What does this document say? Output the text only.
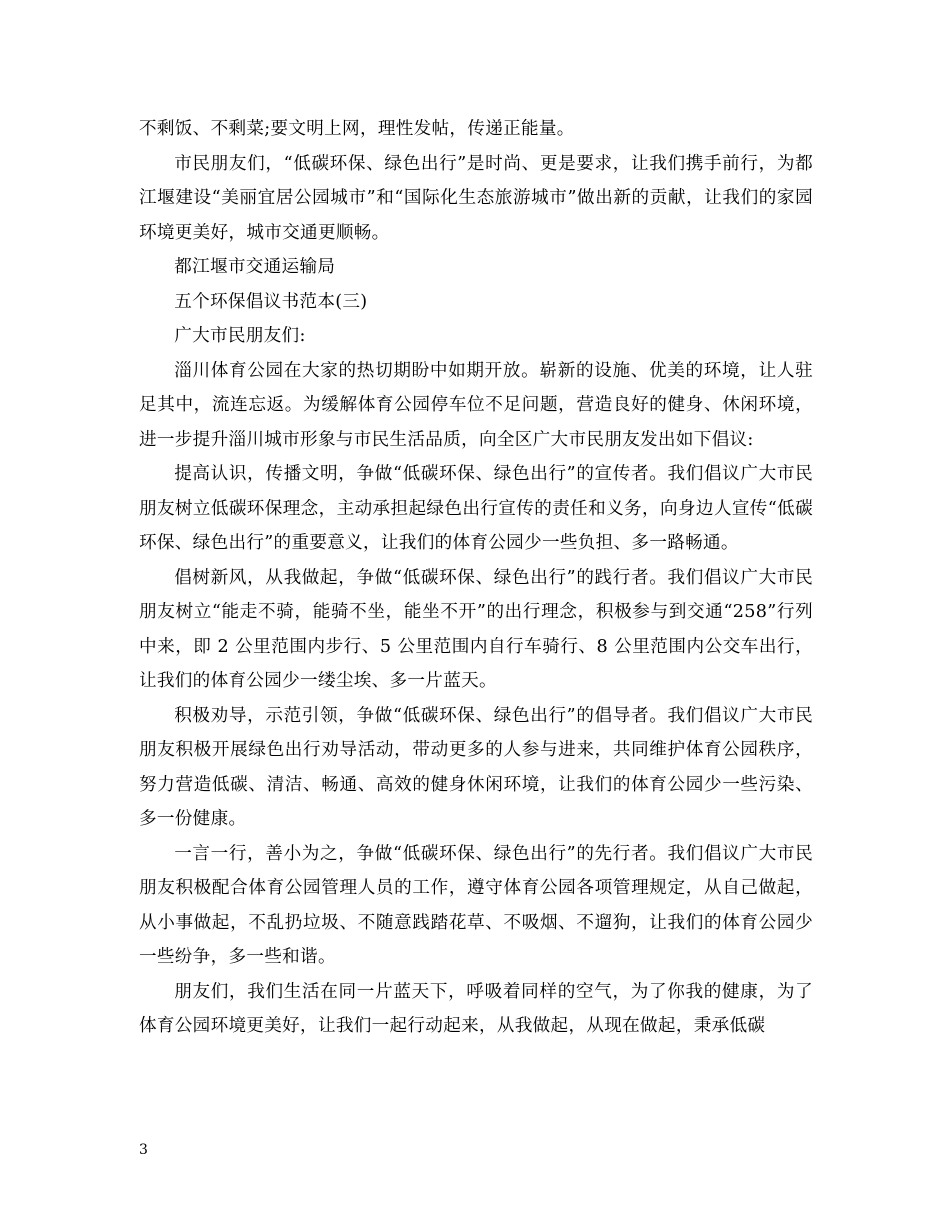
不剩饭、不剩菜;要文明上网，理性发帖，传递正能量。

市民朋友们，“低碳环保、绿色出行”是时尚、更是要求，让我们携手前行，为都江堰建设“美丽宜居公园城市”和“国际化生态旅游城市”做出新的贡献，让我们的家园环境更美好，城市交通更顺畅。

都江堰市交通运输局

五个环保倡议书范本(三)

广大市民朋友们:

淄川体育公园在大家的热切期盼中如期开放。崭新的设施、优美的环境，让人驻足其中，流连忘返。为缓解体育公园停车位不足问题，营造良好的健身、休闲环境，进一步提升淄川城市形象与市民生活品质，向全区广大市民朋友发出如下倡议:

提高认识，传播文明，争做“低碳环保、绿色出行”的宣传者。我们倡议广大市民朋友树立低碳环保理念，主动承担起绿色出行宣传的责任和义务，向身边人宣传“低碳环保、绿色出行”的重要意义，让我们的体育公园少一些负担、多一路畅通。

倡树新风，从我做起，争做“低碳环保、绿色出行”的践行者。我们倡议广大市民朋友树立“能走不骑，能骑不坐，能坐不开”的出行理念，积极参与到交通“258”行列中来，即 2 公里范围内步行、5 公里范围内自行车骑行、8 公里范围内公交车出行，让我们的体育公园少一缕尘埃、多一片蓝天。

积极劝导，示范引领，争做“低碳环保、绿色出行”的倡导者。我们倡议广大市民朋友积极开展绿色出行劝导活动，带动更多的人参与进来，共同维护体育公园秩序，努力营造低碳、清洁、畅通、高效的健身休闲环境，让我们的体育公园少一些污染、多一份健康。

一言一行，善小为之，争做“低碳环保、绿色出行”的先行者。我们倡议广大市民朋友积极配合体育公园管理人员的工作，遵守体育公园各项管理规定，从自己做起，从小事做起，不乱扔垃圾、不随意践踏花草、不吸烟、不遛狗，让我们的体育公园少一些纷争，多一些和谐。

朋友们，我们生活在同一片蓝天下，呼吸着同样的空气，为了你我的健康，为了体育公园环境更美好，让我们一起行动起来，从我做起，从现在做起，秉承低碳

3
